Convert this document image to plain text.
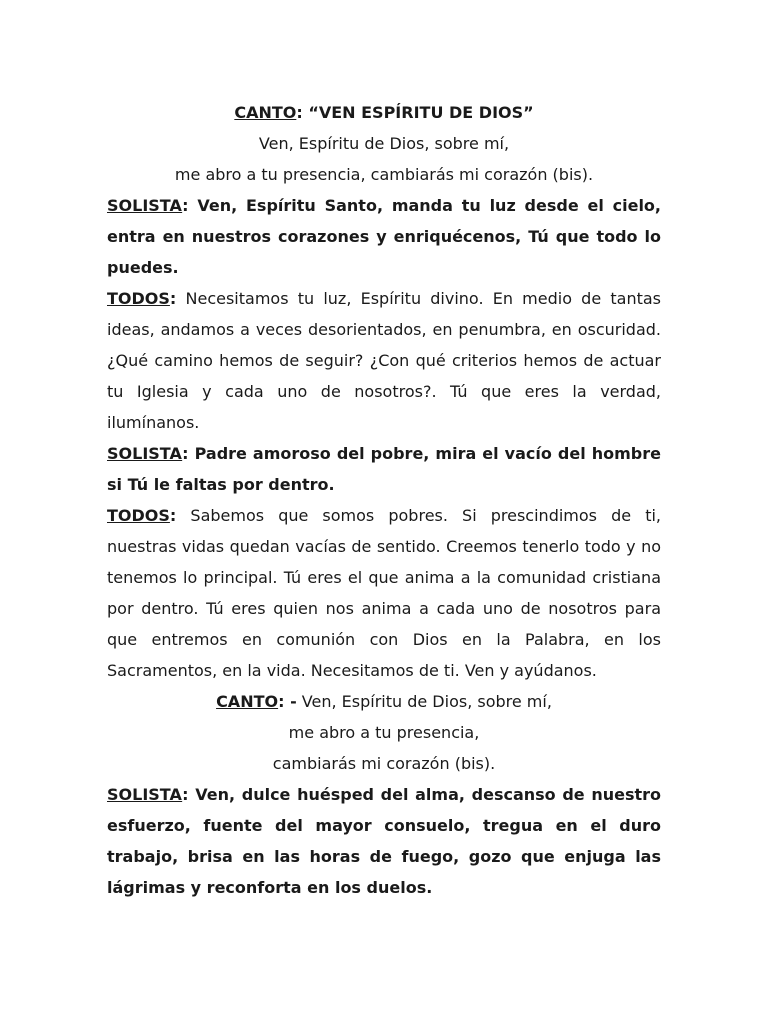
CANTO: “VEN ESPÍRITU DE DIOS”

Ven, Espíritu de Dios, sobre mí,

me abro a tu presencia, cambiarás mi corazón (bis).

SOLISTA: Ven, Espíritu Santo, manda tu luz desde el cielo, entra en nuestros corazones y enriquécenos, Tú que todo lo puedes.

TODOS: Necesitamos tu luz, Espíritu divino. En medio de tantas ideas, andamos a veces desorientados, en penumbra, en oscuridad. ¿Qué camino hemos de seguir? ¿Con qué criterios hemos de actuar tu Iglesia y cada uno de nosotros?. Tú que eres la verdad, ilumínanos.

SOLISTA: Padre amoroso del pobre, mira el vacío del hombre si Tú le faltas por dentro.

TODOS: Sabemos que somos pobres. Si prescindimos de ti, nuestras vidas quedan vacías de sentido. Creemos tenerlo todo y no tenemos lo principal. Tú eres el que anima a la comunidad cristiana por dentro. Tú eres quien nos anima a cada uno de nosotros para que entremos en comunión con Dios en la Palabra, en los Sacramentos, en la vida. Necesitamos de ti. Ven y ayúdanos.

CANTO: - Ven, Espíritu de Dios, sobre mí,

me abro a tu presencia,

cambiarás mi corazón (bis).

SOLISTA: Ven, dulce huésped del alma, descanso de nuestro esfuerzo, fuente del mayor consuelo, tregua en el duro trabajo, brisa en las horas de fuego, gozo que enjuga las lágrimas y reconforta en los duelos.
